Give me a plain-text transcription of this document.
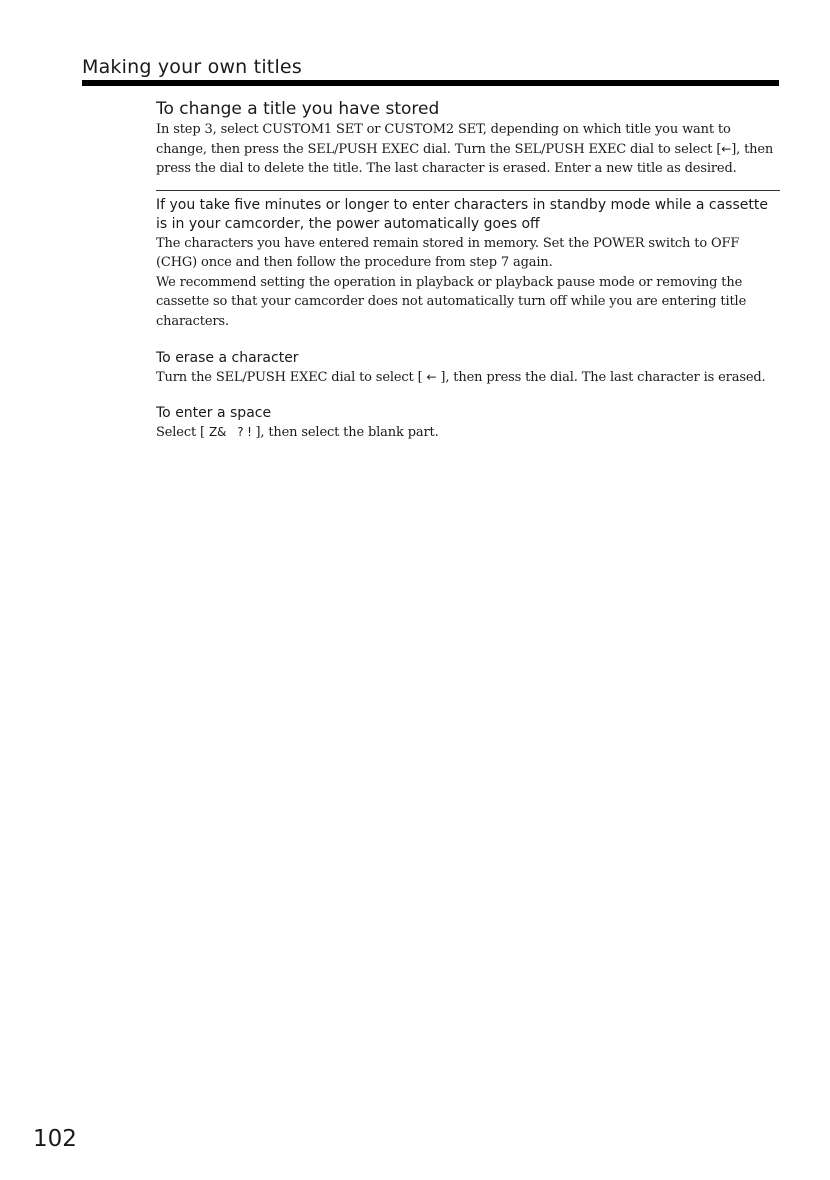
Making your own titles
To change a title you have stored

In step 3, select CUSTOM1 SET or CUSTOM2 SET, depending on which title you want to change, then press the SEL/PUSH EXEC dial. Turn the SEL/PUSH EXEC dial to select [←], then press the dial to delete the title. The last character is erased. Enter a new title as desired.

If you take five minutes or longer to enter characters in standby mode while a cassette is in your camcorder, the power automatically goes off

The characters you have entered remain stored in memory. Set the POWER switch to OFF (CHG) once and then follow the procedure from step 7 again.

We recommend setting the operation in playback or playback pause mode or removing the cassette so that your camcorder does not automatically turn off while you are entering title characters.

To erase a character

Turn the SEL/PUSH EXEC dial to select [ ← ], then press the dial. The last character is erased.

To enter a space

Select [ Z&   ? ! ], then select the blank part.

102
